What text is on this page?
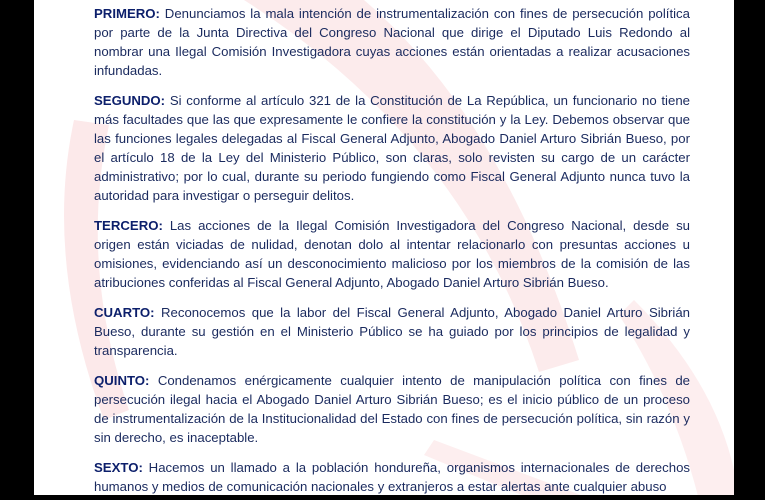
PRIMERO: Denunciamos la mala intención de instrumentalización con fines de persecución política por parte de la Junta Directiva del Congreso Nacional que dirige el Diputado Luis Redondo al nombrar una Ilegal Comisión Investigadora cuyas acciones están orientadas a realizar acusaciones infundadas.

SEGUNDO: Si conforme al artículo 321 de la Constitución de La República, un funcionario no tiene más facultades que las que expresamente le confiere la constitución y la Ley. Debemos observar que las funciones legales delegadas al Fiscal General Adjunto, Abogado Daniel Arturo Sibrián Bueso, por el artículo 18 de la Ley del Ministerio Público, son claras, solo revisten su cargo de un carácter administrativo; por lo cual, durante su periodo fungiendo como Fiscal General Adjunto nunca tuvo la autoridad para investigar o perseguir delitos.

TERCERO: Las acciones de la Ilegal Comisión Investigadora del Congreso Nacional, desde su origen están viciadas de nulidad, denotan dolo al intentar relacionarlo con presuntas acciones u omisiones, evidenciando así un desconocimiento malicioso por los miembros de la comisión de las atribuciones conferidas al Fiscal General Adjunto, Abogado Daniel Arturo Sibrián Bueso.

CUARTO: Reconocemos que la labor del Fiscal General Adjunto, Abogado Daniel Arturo Sibrián Bueso, durante su gestión en el Ministerio Público se ha guiado por los principios de legalidad y transparencia.

QUINTO: Condenamos enérgicamente cualquier intento de manipulación política con fines de persecución ilegal hacia el Abogado Daniel Arturo Sibrián Bueso; es el inicio público de un proceso de instrumentalización de la Institucionalidad del Estado con fines de persecución política, sin razón y sin derecho, es inaceptable.

SEXTO: Hacemos un llamado a la población hondureña, organismos internacionales de derechos humanos y medios de comunicación nacionales y extranjeros a estar alertas ante cualquier abuso
